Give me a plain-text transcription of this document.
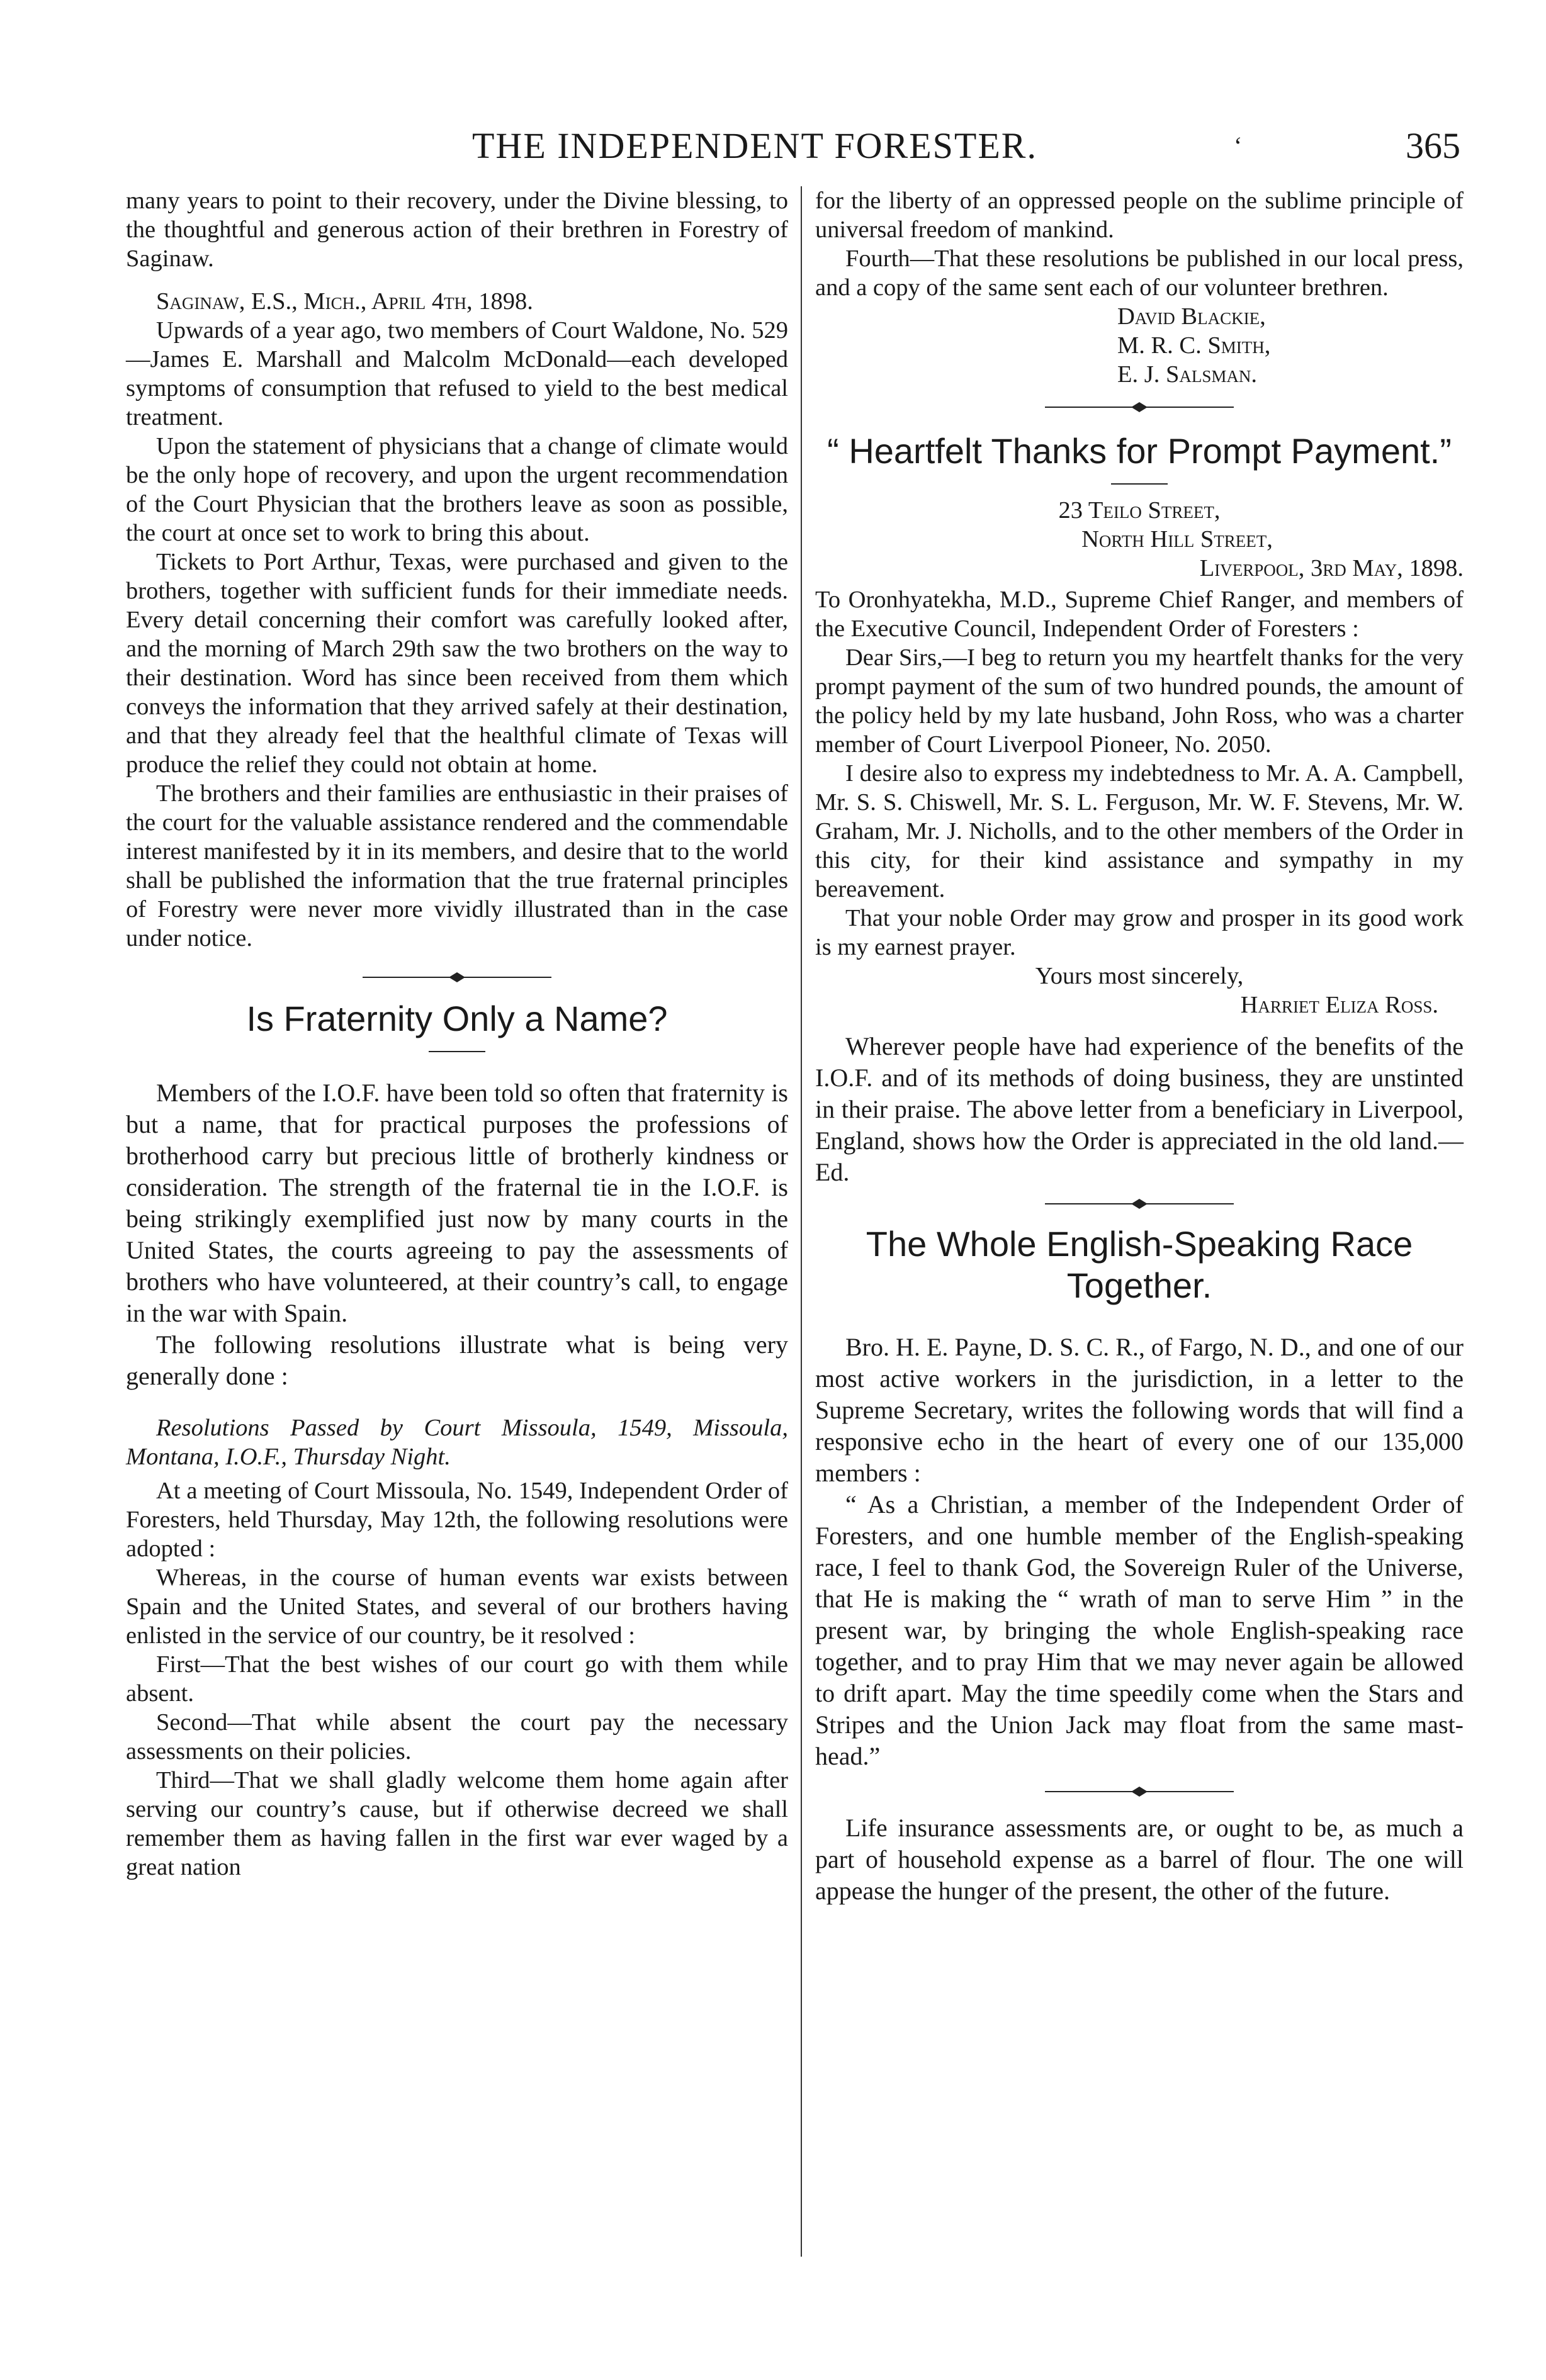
THE INDEPENDENT FORESTER.	‘	365

many years to point to their recovery, under the Divine blessing, to the thoughtful and generous action of their brethren in Forestry of Saginaw.

Saginaw, E.S., Mich., April 4th, 1898.

Upwards of a year ago, two members of Court Waldone, No. 529—James E. Marshall and Malcolm McDonald—each developed symptoms of consumption that refused to yield to the best medical treatment.

Upon the statement of physicians that a change of climate would be the only hope of recovery, and upon the urgent recommendation of the Court Physician that the brothers leave as soon as possible, the court at once set to work to bring this about.

Tickets to Port Arthur, Texas, were purchased and given to the brothers, together with sufficient funds for their immediate needs. Every detail concerning their comfort was carefully looked after, and the morning of March 29th saw the two brothers on the way to their destination. Word has since been received from them which conveys the information that they arrived safely at their destination, and that they already feel that the healthful climate of Texas will produce the relief they could not obtain at home.

The brothers and their families are enthusiastic in their praises of the court for the valuable assistance rendered and the commendable interest manifested by it in its members, and desire that to the world shall be published the information that the true fraternal principles of Forestry were never more vividly illustrated than in the case under notice.

Is Fraternity Only a Name?

Members of the I.O.F. have been told so often that fraternity is but a name, that for practical purposes the professions of brotherhood carry but precious little of brotherly kindness or consideration. The strength of the fraternal tie in the I.O.F. is being strikingly exemplified just now by many courts in the United States, the courts agreeing to pay the assessments of brothers who have volunteered, at their country’s call, to engage in the war with Spain.

The following resolutions illustrate what is being very generally done :

Resolutions Passed by Court Missoula, 1549, Missoula, Montana, I.O.F., Thursday Night.

At a meeting of Court Missoula, No. 1549, Independent Order of Foresters, held Thursday, May 12th, the following resolutions were adopted :

Whereas, in the course of human events war exists between Spain and the United States, and several of our brothers having enlisted in the service of our country, be it resolved :

First—That the best wishes of our court go with them while absent.

Second—That while absent the court pay the necessary assessments on their policies.

Third—That we shall gladly welcome them home again after serving our country’s cause, but if otherwise decreed we shall remember them as having fallen in the first war ever waged by a great nation

for the liberty of an oppressed people on the sublime principle of universal freedom of mankind.

Fourth—That these resolutions be published in our local press, and a copy of the same sent each of our volunteer brethren.

David Blackie,

M. R. C. Smith,

E. J. Salsman.

“ Heartfelt Thanks for Prompt Payment.”

23 Teilo Street,

North Hill Street,

Liverpool, 3rd May, 1898.

To Oronhyatekha, M.D., Supreme Chief Ranger, and members of the Executive Council, Independent Order of Foresters :

Dear Sirs,—I beg to return you my heartfelt thanks for the very prompt payment of the sum of two hundred pounds, the amount of the policy held by my late husband, John Ross, who was a charter member of Court Liverpool Pioneer, No. 2050.

I desire also to express my indebtedness to Mr. A. A. Campbell, Mr. S. S. Chiswell, Mr. S. L. Ferguson, Mr. W. F. Stevens, Mr. W. Graham, Mr. J. Nicholls, and to the other members of the Order in this city, for their kind assistance and sympathy in my bereavement.

That your noble Order may grow and prosper in its good work is my earnest prayer.

Yours most sincerely,

Harriet Eliza Ross.

Wherever people have had experience of the benefits of the I.O.F. and of its methods of doing business, they are unstinted in their praise. The above letter from a beneficiary in Liverpool, England, shows how the Order is appreciated in the old land.—Ed.

The Whole English-Speaking Race Together.

Bro. H. E. Payne, D. S. C. R., of Fargo, N. D., and one of our most active workers in the jurisdiction, in a letter to the Supreme Secretary, writes the following words that will find a responsive echo in the heart of every one of our 135,000 members :

“ As a Christian, a member of the Independent Order of Foresters, and one humble member of the English-speaking race, I feel to thank God, the Sovereign Ruler of the Universe, that He is making the “ wrath of man to serve Him ” in the present war, by bringing the whole English-speaking race together, and to pray Him that we may never again be allowed to drift apart. May the time speedily come when the Stars and Stripes and the Union Jack may float from the same mast-head.”

Life insurance assessments are, or ought to be, as much a part of household expense as a barrel of flour. The one will appease the hunger of the present, the other of the future.
